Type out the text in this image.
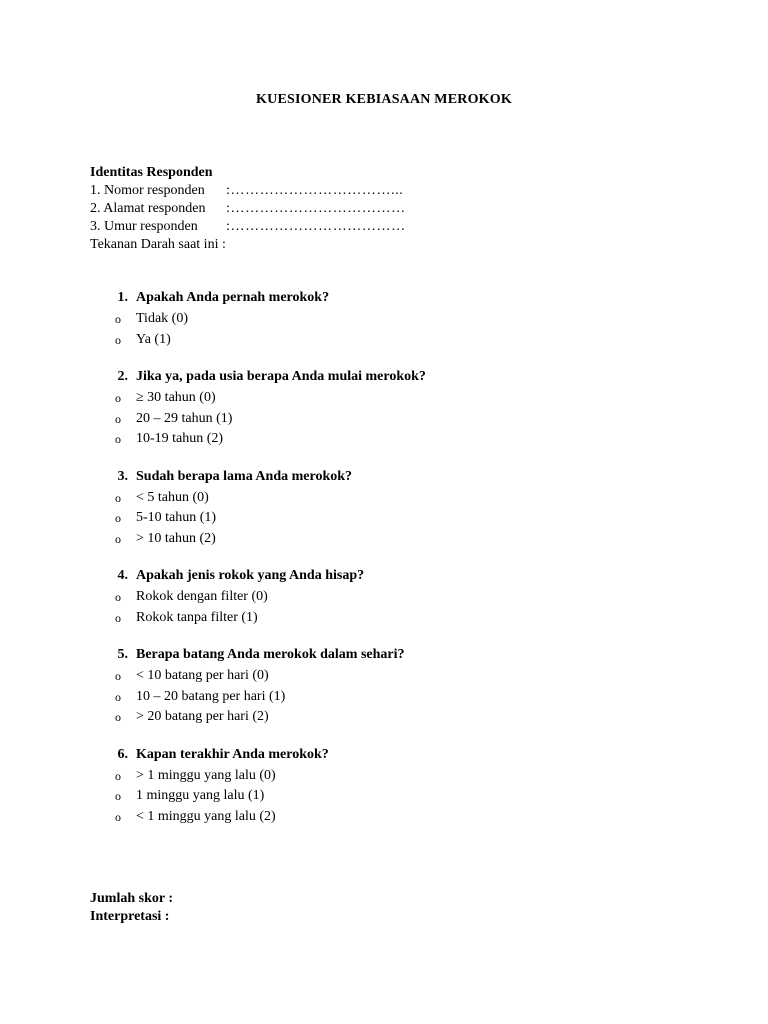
KUESIONER KEBIASAAN MEROKOK
Identitas Responden
1. Nomor responden	:……………………………...
2. Alamat responden	:………………………………
3. Umur responden	:………………………………
Tekanan Darah saat ini :
1. Apakah Anda pernah merokok?
o	Tidak (0)
o	Ya (1)
2. Jika ya, pada usia berapa Anda mulai merokok?
o	≥ 30 tahun (0)
o	20 – 29 tahun (1)
o	10-19 tahun (2)
3. Sudah berapa lama Anda merokok?
o	< 5 tahun (0)
o	5-10 tahun (1)
o	> 10 tahun (2)
4. Apakah jenis rokok yang Anda hisap?
o	Rokok dengan filter (0)
o	Rokok tanpa filter (1)
5. Berapa batang Anda merokok dalam sehari?
o	< 10 batang per hari (0)
o	10 – 20 batang per hari (1)
o	> 20 batang per hari (2)
6. Kapan terakhir Anda merokok?
o	> 1 minggu yang lalu (0)
o	1 minggu yang lalu (1)
o	< 1 minggu yang lalu (2)
Jumlah skor :
Interpretasi :
